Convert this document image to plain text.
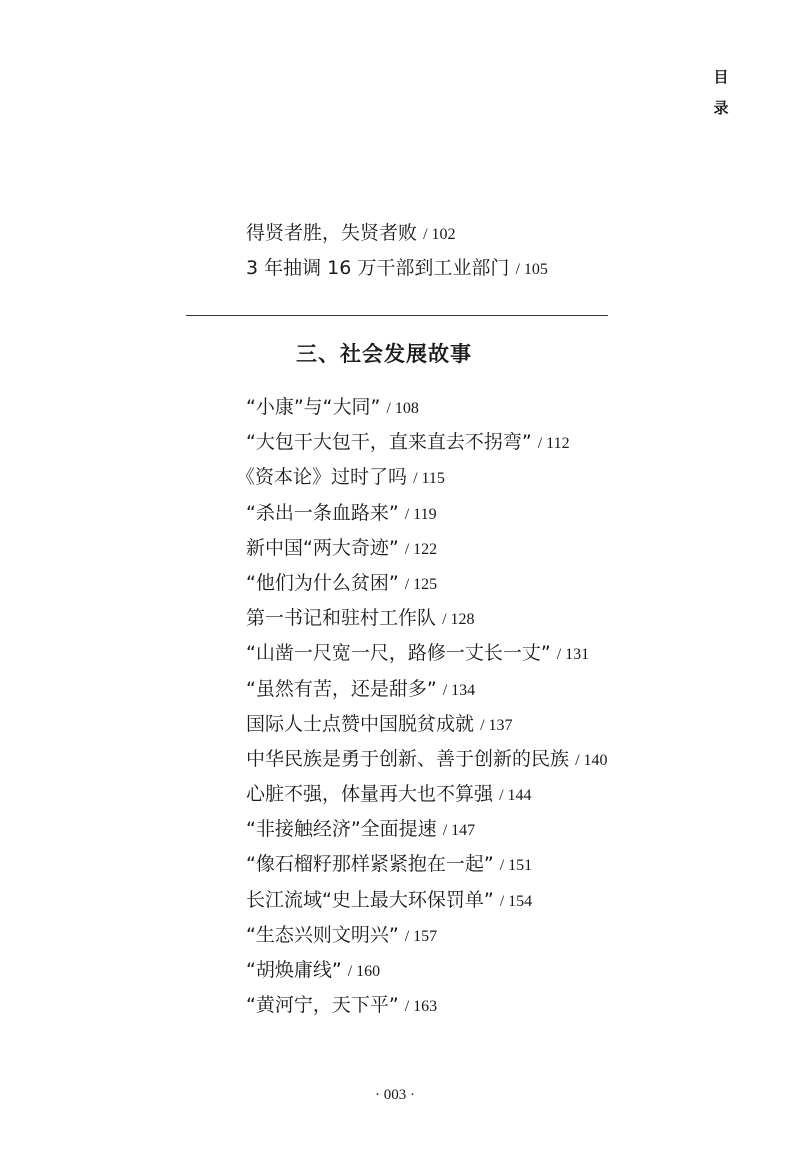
目
录
得贤者胜，失贤者败 / 102
3 年抽调 16 万干部到工业部门 / 105
三、社会发展故事
“小康”与“大同” / 108
“大包干大包干，直来直去不拐弯” / 112
《资本论》过时了吗 / 115
“杀出一条血路来” / 119
新中国“两大奇迹” / 122
“他们为什么贫困” / 125
第一书记和驻村工作队 / 128
“山凿一尺宽一尺，路修一丈长一丈” / 131
“虽然有苦，还是甜多” / 134
国际人士点赞中国脱贫成就 / 137
中华民族是勇于创新、善于创新的民族 / 140
心脏不强，体量再大也不算强 / 144
“非接触经济”全面提速 / 147
“像石榴籽那样紧紧抱在一起” / 151
长江流域“史上最大环保罚单” / 154
“生态兴则文明兴” / 157
“胡焕庸线” / 160
“黄河宁，天下平” / 163
· 003 ·
